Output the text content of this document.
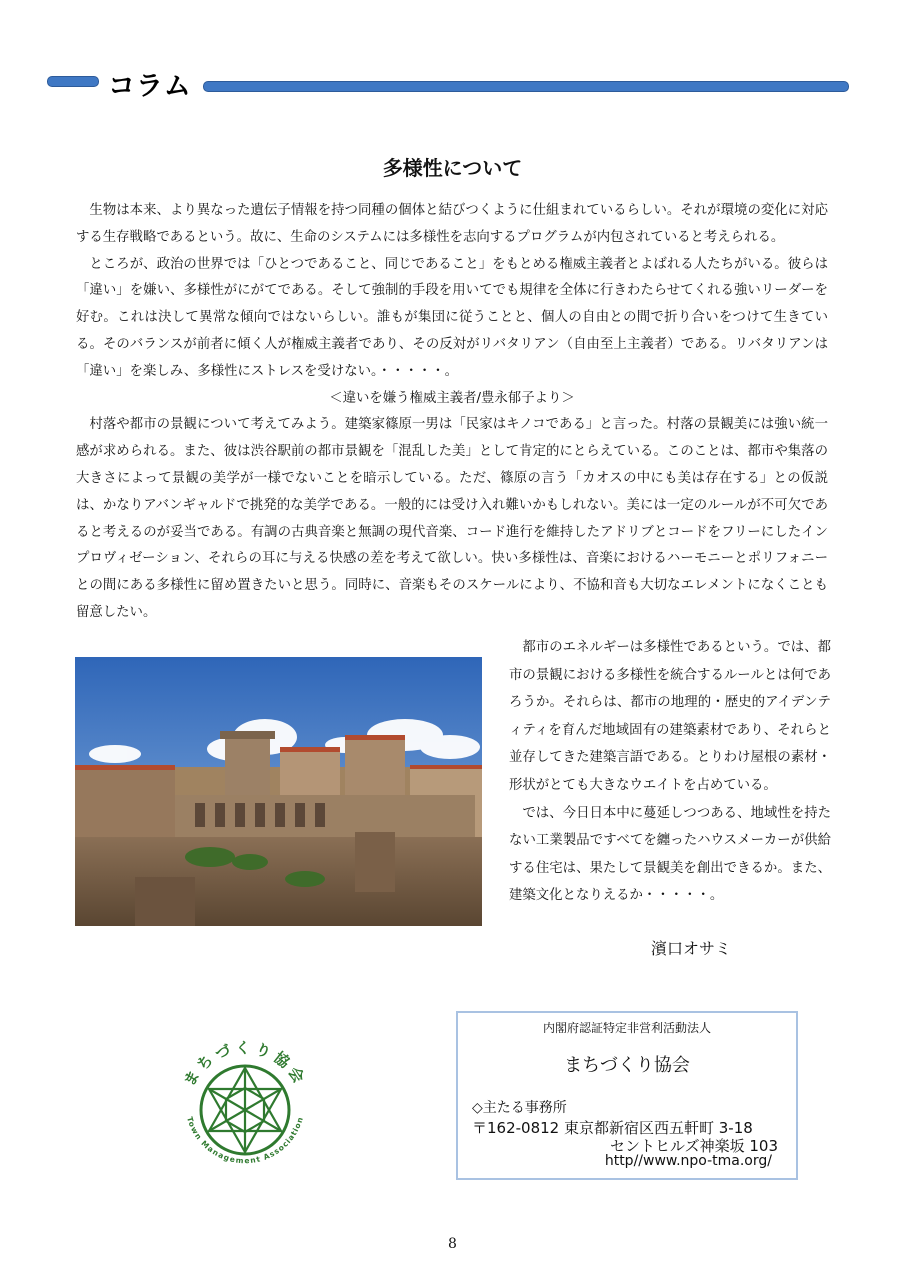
コラム
多様性について

生物は本来、より異なった遺伝子情報を持つ同種の個体と結びつくように仕組まれているらしい。それが環境の変化に対応する生存戦略であるという。故に、生命のシステムには多様性を志向するプログラムが内包されていると考えられる。

ところが、政治の世界では「ひとつであること、同じであること」をもとめる権威主義者とよばれる人たちがいる。彼らは「違い」を嫌い、多様性がにがてである。そして強制的手段を用いてでも規律を全体に行きわたらせてくれる強いリーダーを好む。これは決して異常な傾向ではないらしい。誰もが集団に従うことと、個人の自由との間で折り合いをつけて生きている。そのバランスが前者に傾く人が権威主義者であり、その反対がリバタリアン（自由至上主義者）である。リバタリアンは「違い」を楽しみ、多様性にストレスを受けない。・・・・・。

＜違いを嫌う権威主義者/豊永郁子より＞

村落や都市の景観について考えてみよう。建築家篠原一男は「民家はキノコである」と言った。村落の景観美には強い統一感が求められる。また、彼は渋谷駅前の都市景観を「混乱した美」として肯定的にとらえている。このことは、都市や集落の大きさによって景観の美学が一様でないことを暗示している。ただ、篠原の言う「カオスの中にも美は存在する」との仮説は、かなりアバンギャルドで挑発的な美学である。一般的には受け入れ難いかもしれない。美には一定のルールが不可欠であると考えるのが妥当である。有調の古典音楽と無調の現代音楽、コード進行を維持したアドリブとコードをフリーにしたインプロヴィゼーション、それらの耳に与える快感の差を考えて欲しい。快い多様性は、音楽におけるハーモニーとポリフォニーとの間にある多様性に留め置きたいと思う。同時に、音楽もそのスケールにより、不協和音も大切なエレメントになくことも留意したい。

都市のエネルギーは多様性であるという。では、都市の景観における多様性を統合するルールとは何であろうか。それらは、都市の地理的・歴史的アイデンティティを育んだ地域固有の建築素材であり、それらと並存してきた建築言語である。とりわけ屋根の素材・形状がとても大きなウエイトを占めている。

では、今日日本中に蔓延しつつある、地域性を持たない工業製品ですべてを纏ったハウスメーカーが供給する住宅は、果たして景観美を創出できるか。また、建築文化となりえるか・・・・・。

濱口オサミ
まちづくり協会
Town Management Association
内閣府認証特定非営利活動法人
まちづくり協会
◇主たる事務所
〒162-0812 東京都新宿区西五軒町 3-18
セントヒルズ神楽坂 103
http//www.npo-tma.org/
8
